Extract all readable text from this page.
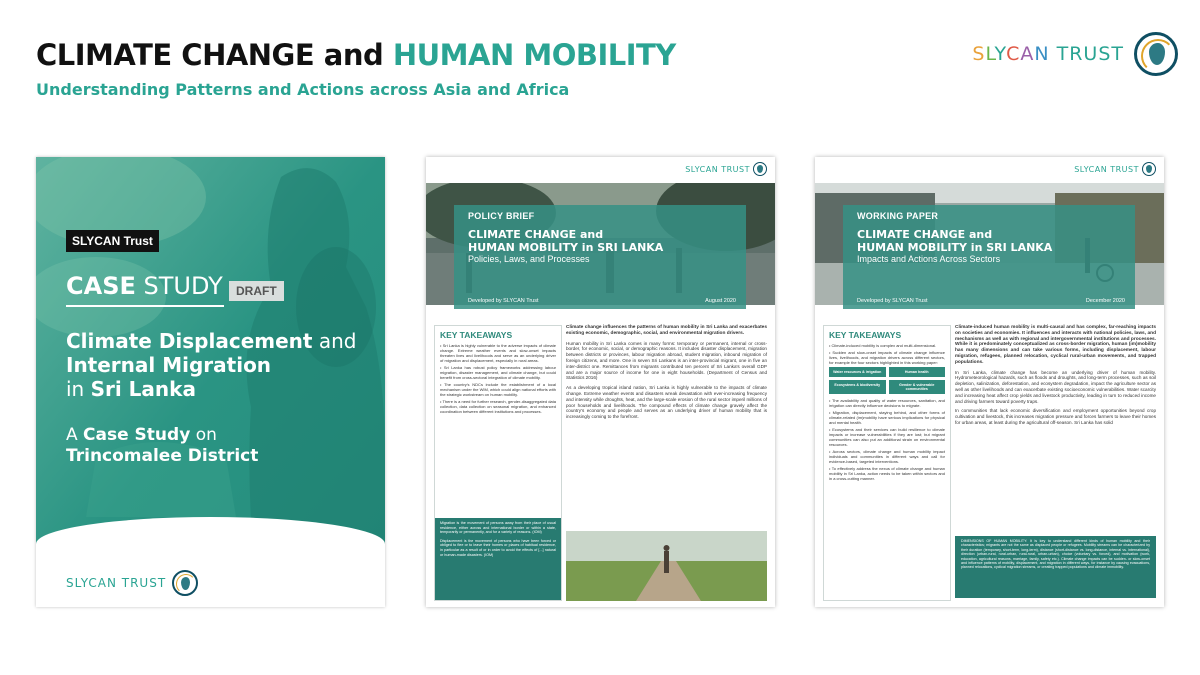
CLIMATE CHANGE and HUMAN MOBILITY
Understanding Patterns and Actions across Asia and Africa
SLYCAN TRUST
SLYCAN Trust
CASE STUDY	DRAFT
Climate Displacement and
Internal Migration
in Sri Lanka
A Case Study on
Trincomalee District
SLYCAN TRUST
SLYCAN TRUST
POLICY BRIEF
CLIMATE CHANGE and
HUMAN MOBILITY in SRI LANKA
Policies, Laws, and Processes
Developed by SLYCAN Trust	August 2020
KEY TAKEAWAYS
• Sri Lanka is highly vulnerable to the adverse impacts of climate change. Extreme weather events and slow-onset impacts threaten lives and livelihoods and serve as an underlying driver of migration and displacement, especially in rural areas.
• Sri Lanka has robust policy frameworks addressing labour migration, disaster management, and climate change, but could benefit from cross-sectoral integration of climate mobility.
• The country's NDCs include the establishment of a local mechanism under the WIM, which could align national efforts with the strategic workstream on human mobility.
• There is a need for further research, gender-disaggregated data collection, data collection on seasonal migration, and enhanced coordination between different institutions and processes.

Migration is the movement of persons away from their place of usual residence, either across and international border or within a state, temporarily or permanently, and for a variety of reasons. (IOM)

Displacement is the movement of persons who have been forced or obliged to flee or to leave their homes or places of habitual residence, in particular as a result of or in order to avoid the effects of [...] natural or human-made disasters. (IOM)

Climate change influences the patterns of human mobility in Sri Lanka and exacerbates existing economic, demographic, social, and environmental migration drivers.

Human mobility in Sri Lanka comes in many forms: temporary or permanent, internal or cross-border, for economic, social, or demographic reasons. It includes disaster displacement, migration between districts or provinces, labour migration abroad, student migration, inbound migration of foreign citizens, and more. One in seven Sri Lankans is an inter-provincial migrant, one in five an inter-district one. Remittances from migrants contributed ten percent of Sri Lanka's overall GDP and are a major source of income for one in eight households. (Department of Census and Statistics 2016)

As a developing tropical island nation, Sri Lanka is highly vulnerable to the impacts of climate change. Extreme weather events and disasters wreak devastation with ever-increasing frequency and intensity while droughts, heat, and the large-scale erosion of the rural sector imperil millions of poor households and livelihoods. The compound effects of climate change gravely affect the country's economy and people and serves as an underlying driver of human mobility that is increasingly coming to the forefront.

SLYCAN TRUST
WORKING PAPER
CLIMATE CHANGE and
HUMAN MOBILITY in SRI LANKA
Impacts and Actions Across Sectors
Developed by SLYCAN Trust	December 2020
KEY TAKEAWAYS
• Climate-induced mobility is complex and multi-dimensional.
• Sudden and slow-onset impacts of climate change influence lives, livelihoods, and migration drivers across different sectors, for example the four sectors highlighted in this working paper:
Water resources & irrigation	Human health
Ecosystems & biodiversity	Gender & vulnerable communities
• The availability and quality of water resources, sanitation, and irrigation can directly influence decisions to migrate.
• Migration, displacement, staying behind, and other forms of climate-related (im)mobility have serious implications for physical and mental health.
• Ecosystems and their services can build resilience to climate impacts or increase vulnerabilities if they are lost; but migrant communities can also put an additional strain on environmental resources.
• Across sectors, climate change and human mobility impact individuals and communities in different ways and call for evidence-based, targeted interventions.
• To effectively address the nexus of climate change and human mobility in Sri Lanka, action needs to be taken within sectors and in a cross-cutting manner.

Climate-induced human mobility is multi-causal and has complex, far-reaching impacts on societies and economies. It influences and interacts with national policies, laws, and mechanisms as well as with regional and intergovernmental institutions and processes. While it is predominately conceptualized as cross-border migration, human (im)mobility has many dimensions and can take various forms, including displacement, labour migration, refugees, planned relocation, cyclical rural-urban movements, and trapped populations.

In Sri Lanka, climate change has become an underlying driver of human mobility. Hydrometeorological hazards, such as floods and droughts, and long-term processes, such as soil depletion, salinization, deforestation, and ecosystem degradation, impact the agriculture sector as well as other livelihoods and can exacerbate existing socioeconomic vulnerabilities. Water scarcity and increasing heat affect crop yields and livestock productivity, leading in turn to reduced income and driving farmers toward poverty traps.

In communities that lack economic diversification and employment opportunities beyond crop cultivation and livestock, this increases migration pressure and forces farmers to leave their homes for urban areas, at least during the agricultural off-season. Sri Lanka has solid

DIMENSIONS OF HUMAN MOBILITY: It is key to understand different kinds of human mobility and their characteristics; migrants are not the same as displaced people or refugees. Mobility streams can be characterized by their duration (temporary, short-term, long-term), distance (short-distance vs. long-distance, internal vs. international), direction (urban-rural, rural-urban, rural-rural, urban-urban), choice (voluntary vs. forced), and motivation (work, education, agricultural reasons, marriage, family, safety etc.). Climate change impacts can be sudden- or slow-onset and influence patterns of mobility, displacement, and migration in different ways, for instance by causing evacuations, planned relocations, cyclical migration streams, or creating trapped populations and climate immobility.
